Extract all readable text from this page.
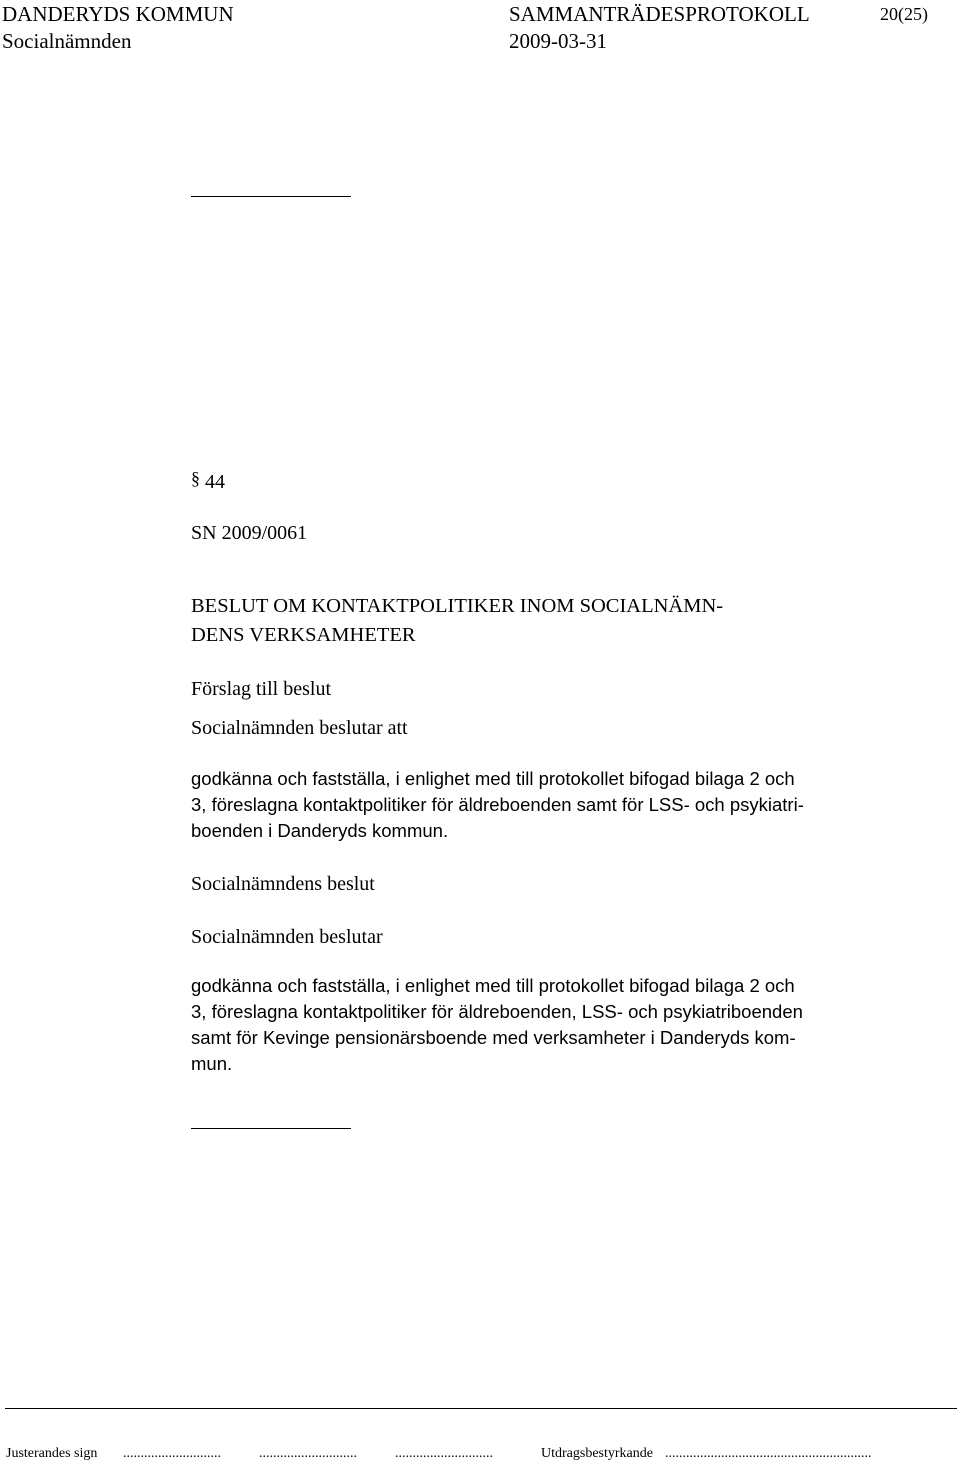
DANDERYDS KOMMUN	SAMMANTRÄDESPROTOKOLL	20(25)
Socialnämnden	2009-03-31
§ 44
SN 2009/0061
BESLUT OM KONTAKTPOLITIKER INOM SOCIALNÄMN-
DENS VERKSAMHETER
Förslag till beslut
Socialnämnden beslutar att
godkänna och fastställa, i enlighet med till protokollet bifogad bilaga 2 och
3, föreslagna kontaktpolitiker för äldreboenden samt för LSS- och psykiatri-
boenden i Danderyds kommun.
Socialnämndens beslut
Socialnämnden beslutar
godkänna och fastställa, i enlighet med till protokollet bifogad bilaga 2 och
3, föreslagna kontaktpolitiker för äldreboenden, LSS- och psykiatriboenden
samt för Kevinge pensionärsboende med verksamheter i Danderyds kom-
mun.
Justerandes sign ............................	............................	............................	Utdragsbestyrkande ...........................................................
